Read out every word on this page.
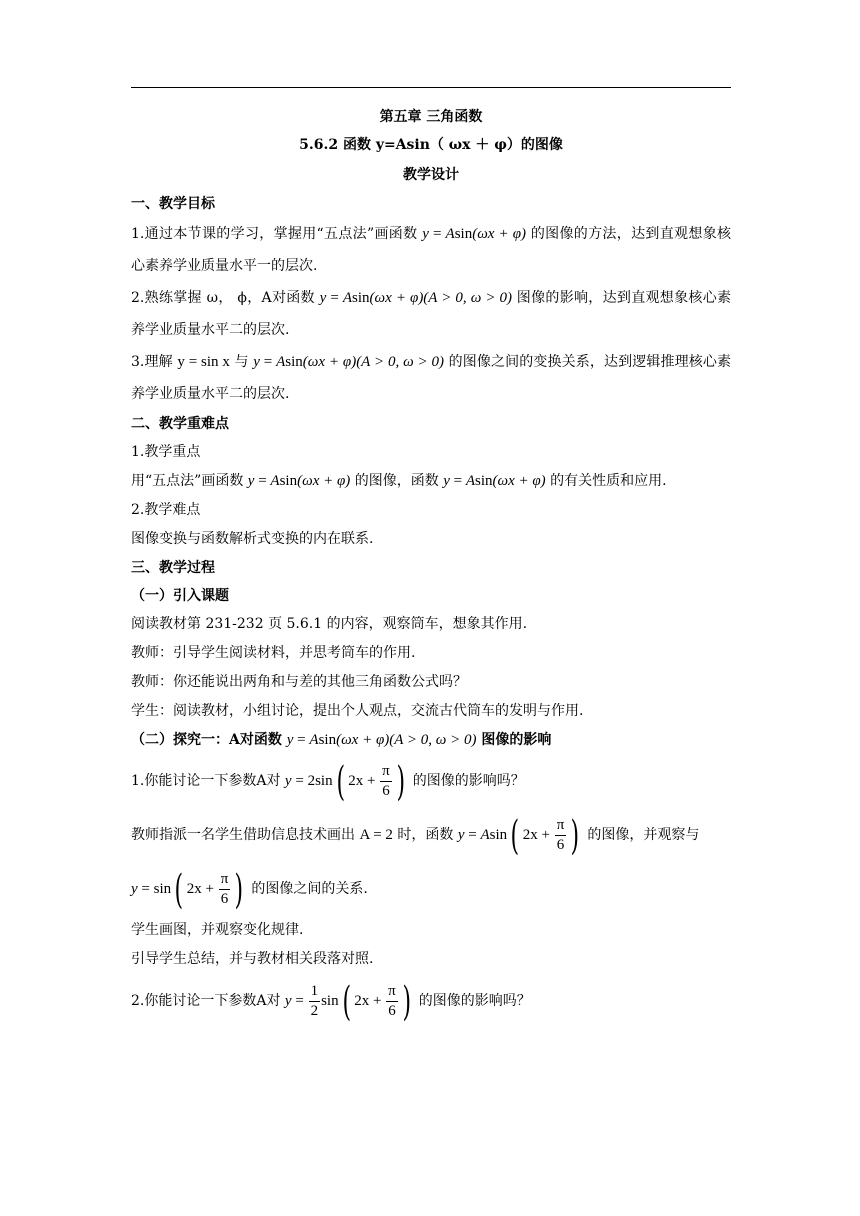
第五章 三角函数

5.6.2 函数 y=Asin（ ωx ＋ φ）的图像

教学设计

一、教学目标

1.通过本节课的学习，掌握用“五点法”画函数 y = Asin(ωx + φ) 的图像的方法，达到直观想象核心素养学业质量水平一的层次.

2.熟练掌握 ω， ϕ，A对函数 y = Asin(ωx + φ)(A > 0, ω > 0) 图像的影响，达到直观想象核心素养学业质量水平二的层次.

3.理解 y = sin x 与 y = Asin(ωx + φ)(A > 0, ω > 0) 的图像之间的变换关系，达到逻辑推理核心素养学业质量水平二的层次.

二、教学重难点

1.教学重点

用“五点法”画函数 y = Asin(ωx + φ) 的图像，函数 y = Asin(ωx + φ) 的有关性质和应用.

2.教学难点

图像变换与函数解析式变换的内在联系.

三、教学过程

（一）引入课题

阅读教材第 231-232 页 5.6.1 的内容，观察筒车，想象其作用.

教师：引导学生阅读材料，并思考筒车的作用.

教师：你还能说出两角和与差的其他三角函数公式吗？

学生：阅读教材，小组讨论，提出个人观点，交流古代筒车的发明与作用.

（二）探究一：A对函数 y = Asin(ωx + φ)(A > 0, ω > 0) 图像的影响

1.你能讨论一下参数A对 y = 2sin( $2x + \frac{\pi}{6}$ ) 的图像的影响吗？

教师指派一名学生借助信息技术画出 A = 2 时，函数 y = Asin( $2x + \frac{\pi}{6}$ ) 的图像，并观察与

y = sin( $2x + \frac{\pi}{6}$ ) 的图像之间的关系.

学生画图，并观察变化规律.

引导学生总结，并与教材相关段落对照.

2.你能讨论一下参数A对 $y = \frac{1}{2} \sin$( $2x + \frac{\pi}{6}$ ) 的图像的影响吗？
